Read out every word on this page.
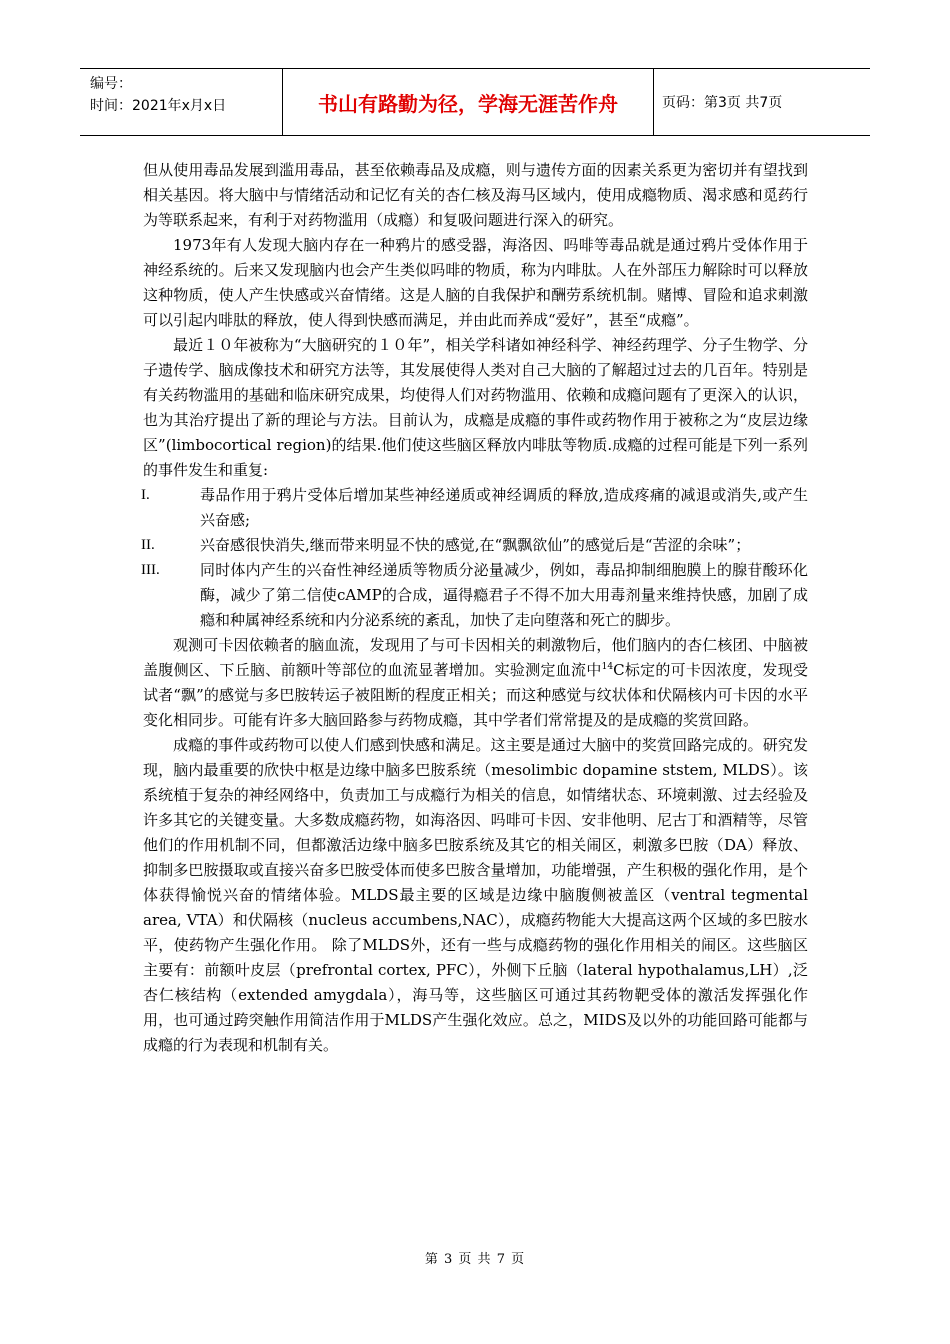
编号：
时间：2021年x月x日	书山有路勤为径，学海无涯苦作舟	页码：第3页 共7页

但从使用毒品发展到滥用毒品，甚至依赖毒品及成瘾，则与遗传方面的因素关系更为密切并有望找到相关基因。将大脑中与情绪活动和记忆有关的杏仁核及海马区域内，使用成瘾物质、渴求感和觅药行为等联系起来，有利于对药物滥用（成瘾）和复吸问题进行深入的研究。

1973年有人发现大脑内存在一种鸦片的感受器，海洛因、吗啡等毒品就是通过鸦片受体作用于神经系统的。后来又发现脑内也会产生类似吗啡的物质，称为内啡肽。人在外部压力解除时可以释放这种物质，使人产生快感或兴奋情绪。这是人脑的自我保护和酬劳系统机制。赌博、冒险和追求刺激可以引起内啡肽的释放，使人得到快感而满足，并由此而养成“爱好”，甚至“成瘾”。

最近１０年被称为“大脑研究的１０年”，相关学科诸如神经科学、神经药理学、分子生物学、分子遗传学、脑成像技术和研究方法等，其发展使得人类对自己大脑的了解超过过去的几百年。特别是有关药物滥用的基础和临床研究成果，均使得人们对药物滥用、依赖和成瘾问题有了更深入的认识，也为其治疗提出了新的理论与方法。目前认为，成瘾是成瘾的事件或药物作用于被称之为“皮层边缘区”(limbocortical region)的结果.他们使这些脑区释放内啡肽等物质.成瘾的过程可能是下列一系列的事件发生和重复:

I.	毒品作用于鸦片受体后增加某些神经递质或神经调质的释放,造成疼痛的减退或消失,或产生兴奋感;
II.	兴奋感很快消失,继而带来明显不快的感觉,在“飘飘欲仙”的感觉后是“苦涩的余味”；
III.	同时体内产生的兴奋性神经递质等物质分泌量减少，例如，毒品抑制细胞膜上的腺苷酸环化酶，减少了第二信使cAMP的合成，逼得瘾君子不得不加大用毒剂量来维持快感，加剧了成瘾和种属神经系统和内分泌系统的紊乱，加快了走向堕落和死亡的脚步。

观测可卡因依赖者的脑血流，发现用了与可卡因相关的刺激物后，他们脑内的杏仁核团、中脑被盖腹侧区、下丘脑、前额叶等部位的血流显著增加。实验测定血流中$^{14}$C标定的可卡因浓度，发现受试者“飘”的感觉与多巴胺转运子被阻断的程度正相关；而这种感觉与纹状体和伏隔核内可卡因的水平变化相同步。可能有许多大脑回路参与药物成瘾，其中学者们常常提及的是成瘾的奖赏回路。

成瘾的事件或药物可以使人们感到快感和满足。这主要是通过大脑中的奖赏回路完成的。研究发现，脑内最重要的欣快中枢是边缘中脑多巴胺系统（mesolimbic dopamine ststem, MLDS）。该系统植于复杂的神经网络中，负责加工与成瘾行为相关的信息，如情绪状态、环境刺激、过去经验及许多其它的关键变量。大多数成瘾药物，如海洛因、吗啡可卡因、安非他明、尼古丁和酒精等，尽管他们的作用机制不同，但都激活边缘中脑多巴胺系统及其它的相关闹区，刺激多巴胺（DA）释放、抑制多巴胺摄取或直接兴奋多巴胺受体而使多巴胺含量增加，功能增强，产生积极的强化作用，是个体获得愉悦兴奋的情绪体验。MLDS最主要的区域是边缘中脑腹侧被盖区（ventral tegmental area, VTA）和伏隔核（nucleus accumbens,NAC），成瘾药物能大大提高这两个区域的多巴胺水平，使药物产生强化作用。 除了MLDS外，还有一些与成瘾药物的强化作用相关的闹区。这些脑区主要有：前额叶皮层（prefrontal cortex, PFC），外侧下丘脑（lateral hypothalamus,LH）,泛杏仁核结构（extended amygdala），海马等，这些脑区可通过其药物靶受体的激活发挥强化作用，也可通过跨突触作用简洁作用于MLDS产生强化效应。总之，MIDS及以外的功能回路可能都与成瘾的行为表现和机制有关。

第 3 页 共 7 页
